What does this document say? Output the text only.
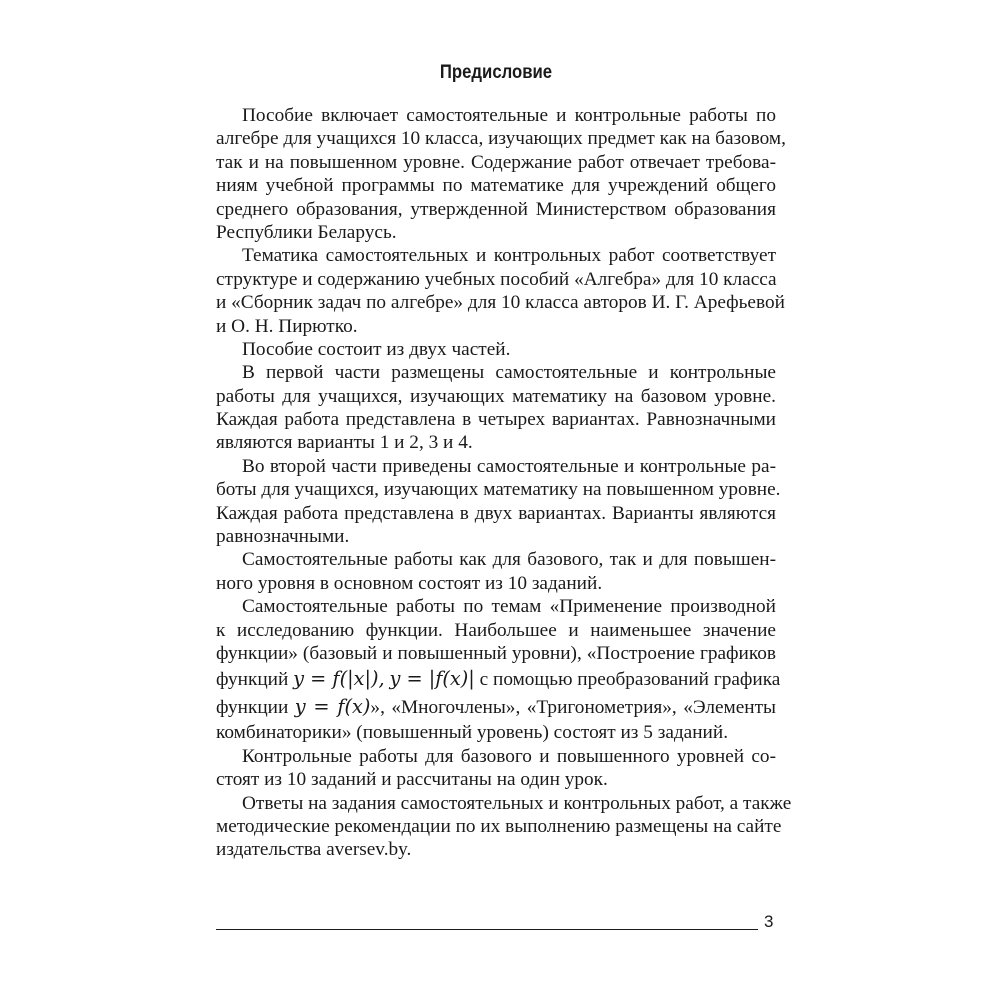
Предисловие
Пособие включает самостоятельные и контрольные работы по
алгебре для учащихся 10 класса, изучающих предмет как на базовом,
так и на повышенном уровне. Содержание работ отвечает требова-
ниям учебной программы по математике для учреждений общего
среднего образования, утвержденной Министерством образования
Республики Беларусь.
Тематика самостоятельных и контрольных работ соответствует
структуре и содержанию учебных пособий «Алгебра» для 10 класса
и «Сборник задач по алгебре» для 10 класса авторов И. Г. Арефьевой
и О. Н. Пирютко.
Пособие состоит из двух частей.
В первой части размещены самостоятельные и контрольные
работы для учащихся, изучающих математику на базовом уровне.
Каждая работа представлена в четырех вариантах. Равнозначными
являются варианты 1 и 2, 3 и 4.
Во второй части приведены самостоятельные и контрольные ра-
боты для учащихся, изучающих математику на повышенном уровне.
Каждая работа представлена в двух вариантах. Варианты являются
равнозначными.
Самостоятельные работы как для базового, так и для повышен-
ного уровня в основном состоят из 10 заданий.
Самостоятельные работы по темам «Применение производной
к исследованию функции. Наибольшее и наименьшее значение
функции» (базовый и повышенный уровни), «Построение графиков
функций y = f(|x|), y = |f(x)| с помощью преобразований графика
функции y = f(x)», «Многочлены», «Тригонометрия», «Элементы
комбинаторики» (повышенный уровень) состоят из 5 заданий.
Контрольные работы для базового и повышенного уровней со-
стоят из 10 заданий и рассчитаны на один урок.
Ответы на задания самостоятельных и контрольных работ, а также
методические рекомендации по их выполнению размещены на сайте
издательства aversev.by.
3
